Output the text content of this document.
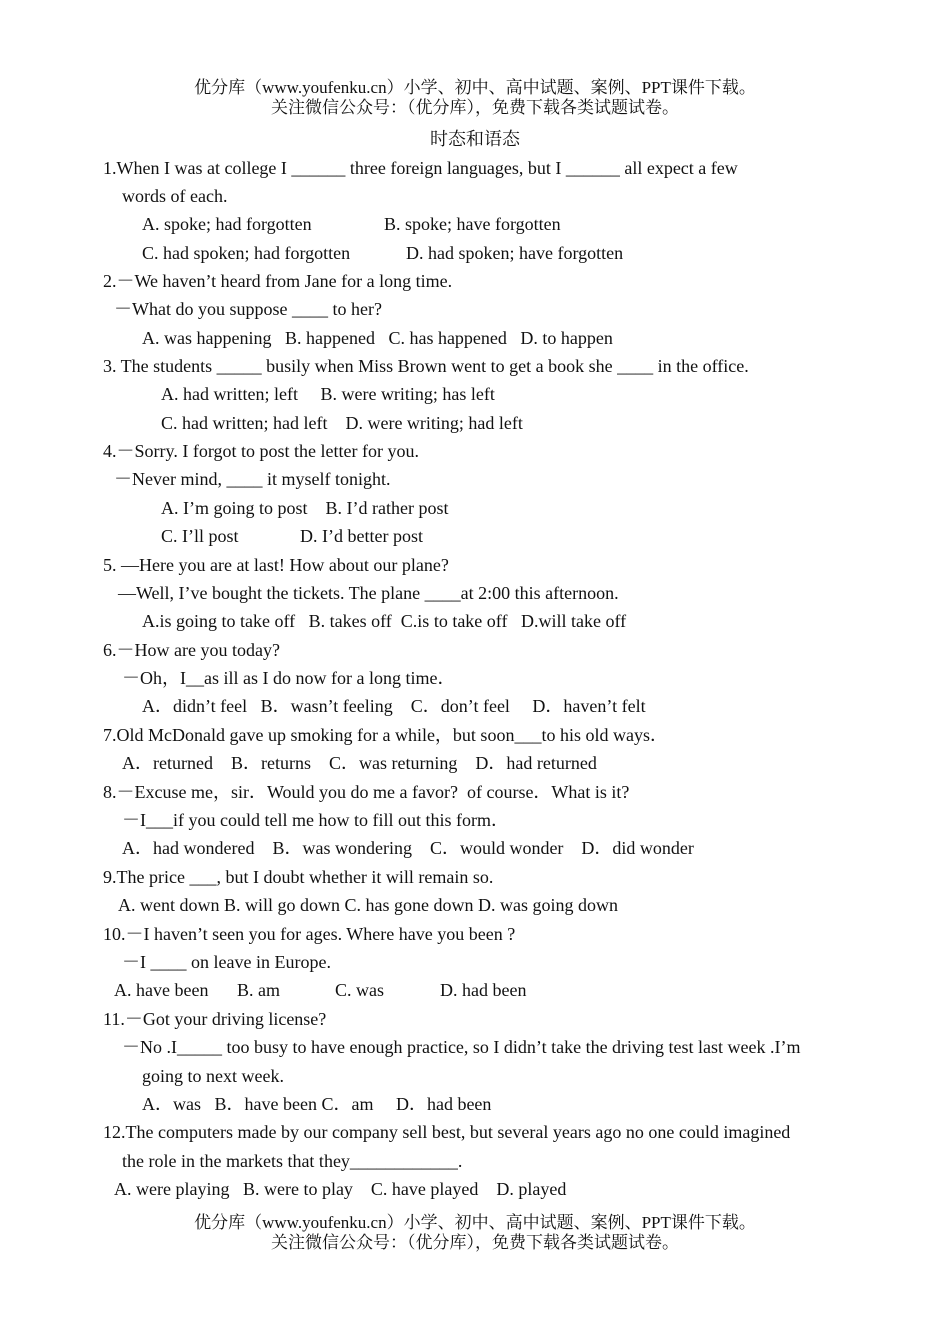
优分库（www.youfenku.cn）小学、初中、高中试题、案例、PPT课件下载。
关注微信公众号：（优分库），免费下载各类试题试卷。
时态和语态
1.When I was at college I ______ three foreign languages, but I ______ all expect a few
words of each.
A. spoke; had forgotten	B. spoke; have forgotten
C. had spoken; had forgotten	D. had spoken; have forgotten
2.－We haven’t heard from Jane for a long time.
－What do you suppose ____ to her?
A. was happening   B. happened   C. has happened   D. to happen
3. The students _____ busily when Miss Brown went to get a book she ____ in the office.
A. had written; left     B. were writing; has left
C. had written; had left    D. were writing; had left
4.－Sorry. I forgot to post the letter for you.
－Never mind, ____ it myself tonight.
A. I’m going to post    B. I’d rather post
C. I’ll post	D. I’d better post
5. —Here you are at last! How about our plane?
—Well, I’ve bought the tickets. The plane ____at 2:00 this afternoon.
A.is going to take off   B. takes off  C.is to take off   D.will take off
6.－How are you today?
－Oh，I__as ill as I do now for a long time．
A．didn’t feel   B．wasn’t feeling    C．don’t feel     D．haven’t felt
7.Old McDonald gave up smoking for a while，but soon___to his old ways．
A．returned    B．returns    C．was returning    D．had returned
8.－Excuse me，sir．Would you do me a favor?  of course．What is it?
－I___if you could tell me how to fill out this form．
A．had wondered    B．was wondering    C．would wonder    D．did wonder
9.The price ___, but I doubt whether it will remain so.
A. went down B. will go down C. has gone down D. was going down
10.－I haven’t seen you for ages. Where have you been ?
－I ____ on leave in Europe.
A. have been B. am	C. was	D. had been
11.－Got your driving license?
－No .I_____ too busy to have enough practice, so I didn’t take the driving test last week .I’m
going to next week.
A．was   B．have been C．am     D．had been
12.The computers made by our company sell best, but several years ago no one could imagined
the role in the markets that they____________.
A. were playing   B. were to play    C. have played    D. played
优分库（www.youfenku.cn）小学、初中、高中试题、案例、PPT课件下载。
关注微信公众号：（优分库），免费下载各类试题试卷。
